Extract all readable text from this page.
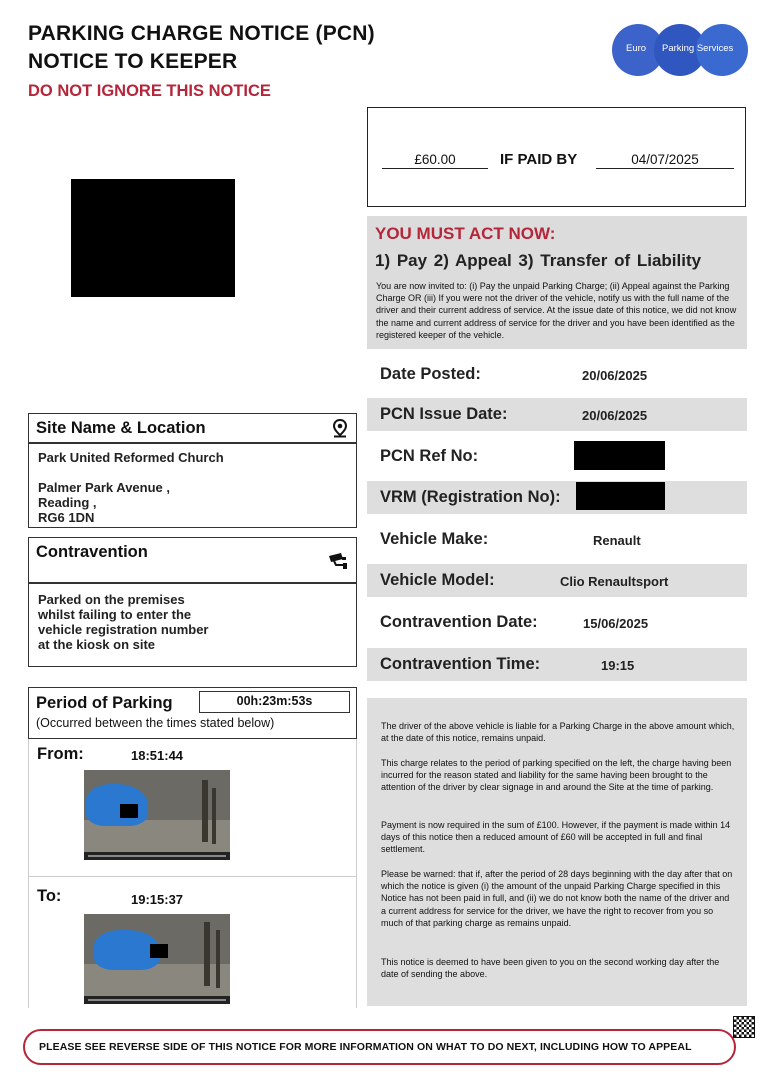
PARKING CHARGE NOTICE (PCN)
NOTICE TO KEEPER
DO NOT IGNORE THIS NOTICE
Euro Parking Services
£60.00	IF PAID BY	04/07/2025
YOU MUST ACT NOW:
1) Pay 2) Appeal 3) Transfer of Liability
You are now invited to: (i) Pay the unpaid Parking Charge; (ii) Appeal against the Parking Charge OR (iii) If you were not the driver of the vehicle, notify us with the full name of the driver and their current address of service. At the issue date of this notice, we did not know the name and current address of service for the driver and you have been identified as the registered keeper of the vehicle.
Date Posted:	20/06/2025
PCN Issue Date:	20/06/2025
PCN Ref No:
VRM (Registration No):
Vehicle Make:	Renault
Vehicle Model:	Clio Renaultsport
Contravention Date:	15/06/2025
Contravention Time:	19:15
Site Name & Location
Park United Reformed Church
Palmer Park Avenue ,
Reading ,
RG6 1DN
Contravention
Parked on the premises
whilst failing to enter the
vehicle registration number
at the kiosk on site
Period of Parking	00h:23m:53s
(Occurred between the times stated below)
From:	18:51:44
To:	19:15:37

The driver of the above vehicle is liable for a Parking Charge in the above amount which, at the date of this notice, remains unpaid.

This charge relates to the period of parking specified on the left, the charge having been incurred for the reason stated and liability for the same having been brought to the attention of the driver by clear signage in and around the Site at the time of parking.

Payment is now required in the sum of £100. However, if the payment is made within 14 days of this notice then a reduced amount of £60 will be accepted in full and final settlement.

Please be warned: that if, after the period of 28 days beginning with the day after that on which the notice is given (i) the amount of the unpaid Parking Charge specified in this Notice has not been paid in full, and (ii) we do not know both the name of the driver and a current address for service for the driver, we have the right to recover from you so much of that parking charge as remains unpaid.

This notice is deemed to have been given to you on the second working day after the date of sending the above.

PLEASE SEE REVERSE SIDE OF THIS NOTICE FOR MORE INFORMATION ON WHAT TO DO NEXT, INCLUDING HOW TO APPEAL
